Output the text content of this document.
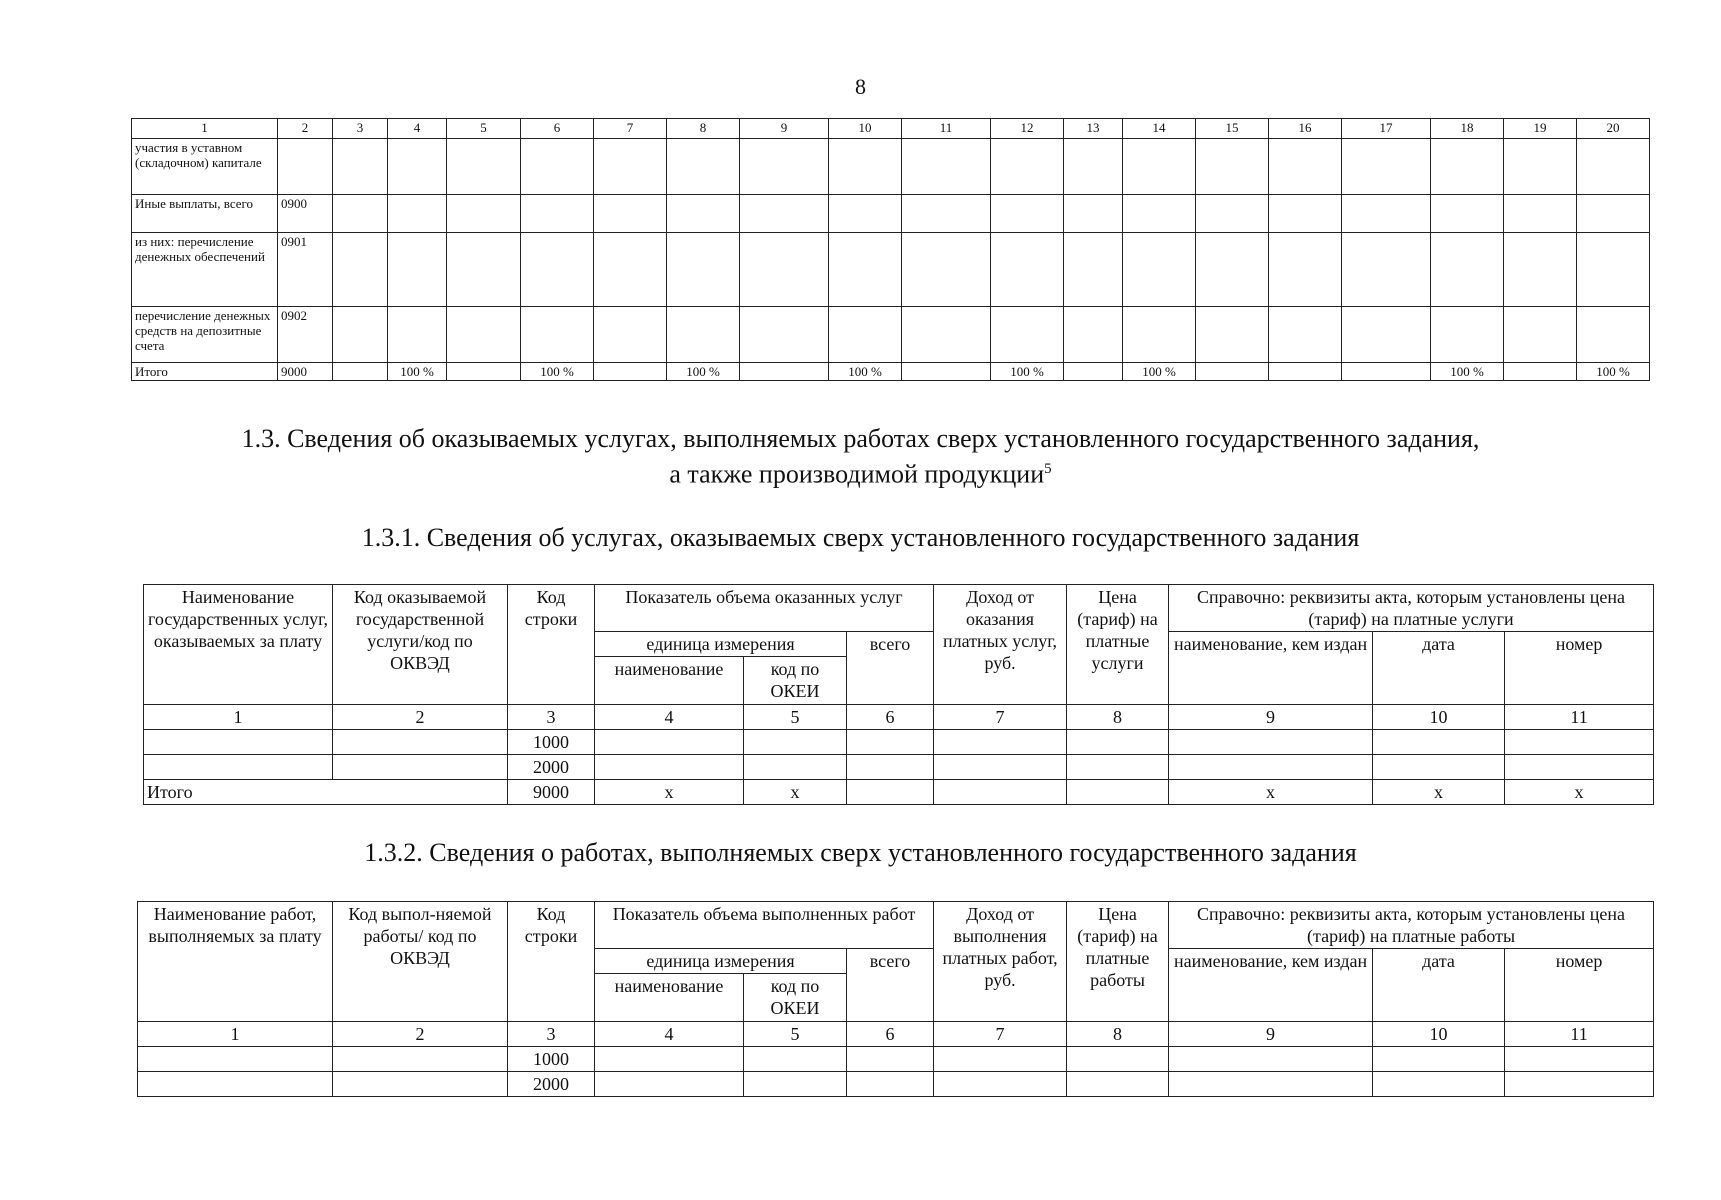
8
1	2	3	4	5	6	7	8	9	10	11	12	13	14	15	16	17	18	19	20
участия в уставном (складочном) капитале																			
Иные выплаты, всего	0900																		
из них: перечисление денежных обеспечений	0901																		
перечисление денежных средств на депозитные счета	0902																		
Итого	9000		100 %		100 %		100 %		100 %		100 %		100 %				100 %		100 %
1.3. Сведения об оказываемых услугах, выполняемых работах сверх установленного государственного задания,
а также производимой продукции$^5$
1.3.1. Сведения об услугах, оказываемых сверх установленного государственного задания
Наименование государственных услуг, оказываемых за плату	Код оказываемой государственной услуги/код по ОКВЭД	Код строки	Показатель объема оказанных услуг			Доход от оказания платных услуг, руб.	Цена (тариф) на платные услуги	Справочно: реквизиты акта, которым установлены цена (тариф) на платные услуги		
			единица измерения		всего			наименование, кем издан	дата	номер
			наименование	код по ОКЕИ						
1	2	3	4	5	6	7	8	9	10	11
		1000								
		2000								
Итого		9000	x	x				x	x	x
1.3.2. Сведения о работах, выполняемых сверх установленного государственного задания
Наименование работ, выполняемых за плату	Код выпол-няемой работы/ код по ОКВЭД	Код строки	Показатель объема выполненных работ			Доход от выполнения платных работ, руб.	Цена (тариф) на платные работы	Справочно: реквизиты акта, которым установлены цена (тариф) на платные работы		
			единица измерения		всего			наименование, кем издан	дата	номер
			наименование	код по ОКЕИ						
1	2	3	4	5	6	7	8	9	10	11
		1000								
		2000								
